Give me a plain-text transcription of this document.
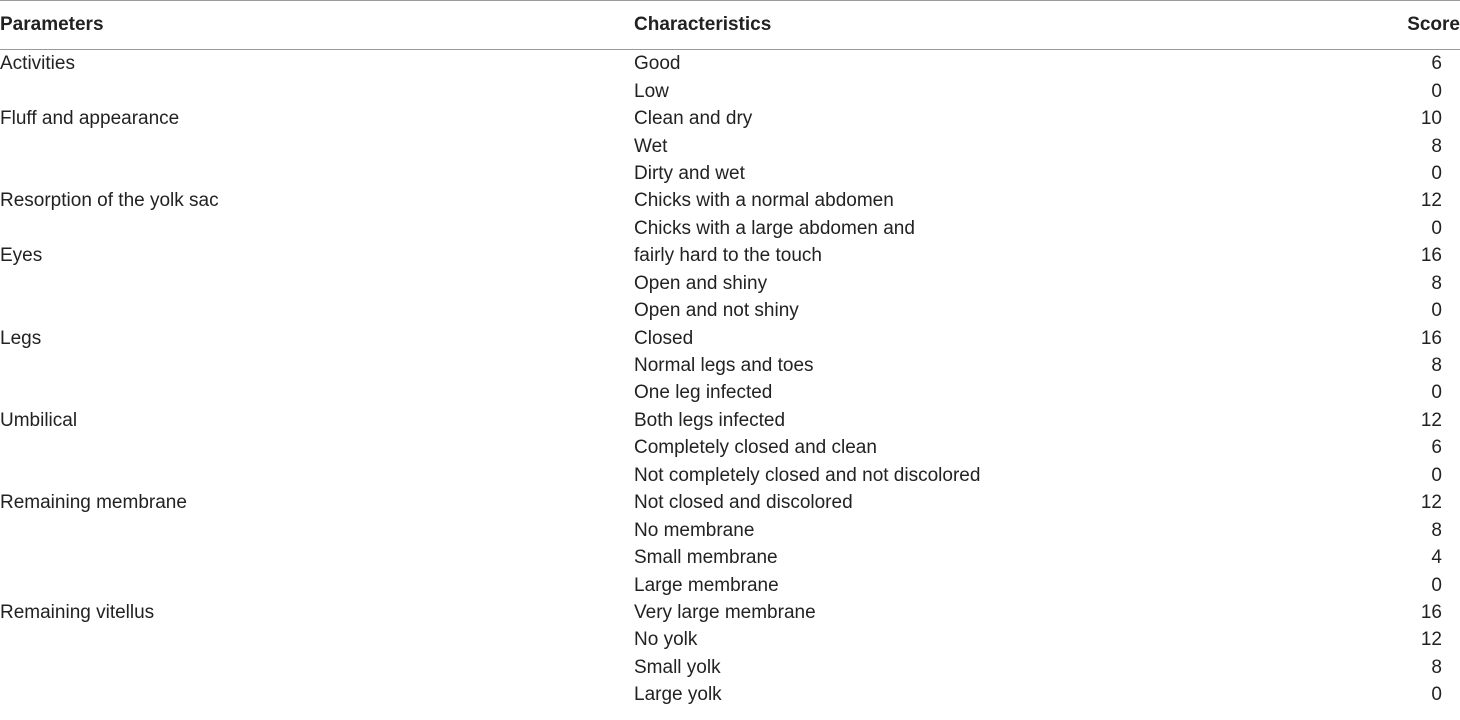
Parameters	Characteristics	Score
Activities	Good	6
	Low	0
Fluff and appearance	Clean and dry	10
	Wet	8
	Dirty and wet	0
Resorption of the yolk sac	Chicks with a normal abdomen	12
	Chicks with a large abdomen and	0
Eyes	fairly hard to the touch	16
	Open and shiny	8
	Open and not shiny	0
Legs	Closed	16
	Normal legs and toes	8
	One leg infected	0
Umbilical	Both legs infected	12
	Completely closed and clean	6
	Not completely closed and not discolored	0
Remaining membrane	Not closed and discolored	12
	No membrane	8
	Small membrane	4
	Large membrane	0
Remaining vitellus	Very large membrane	16
	No yolk	12
	Small yolk	8
	Large yolk	0
